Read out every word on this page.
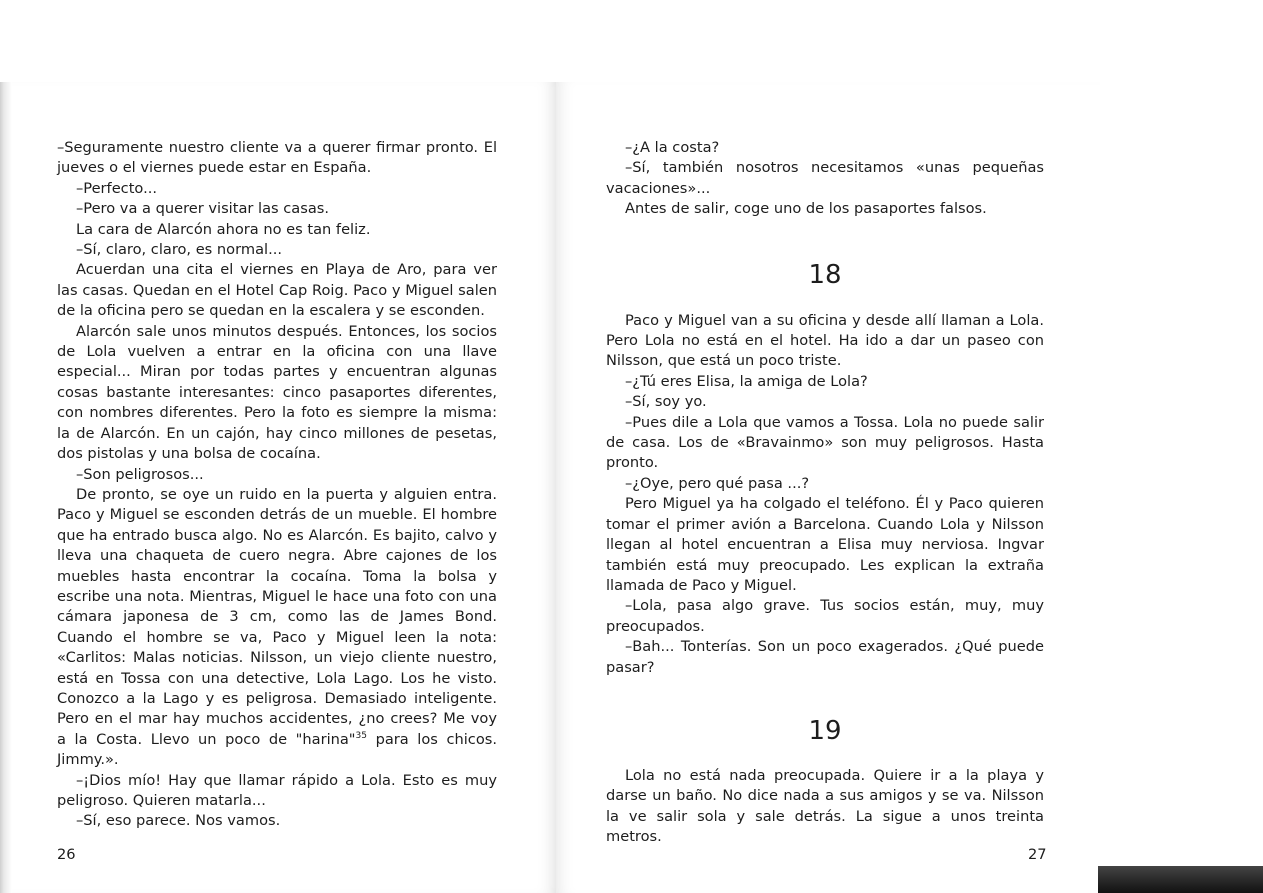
–Seguramente nuestro cliente va a querer firmar pronto. El jueves o el viernes puede estar en España.

–Perfecto...

–Pero va a querer visitar las casas.

La cara de Alarcón ahora no es tan feliz.

–Sí, claro, claro, es normal...

Acuerdan una cita el viernes en Playa de Aro, para ver las casas. Quedan en el Hotel Cap Roig. Paco y Miguel salen de la oficina pero se quedan en la escalera y se esconden.

Alarcón sale unos minutos después. Entonces, los socios de Lola vuelven a entrar en la oficina con una llave especial... Miran por todas partes y encuentran algunas cosas bastante interesantes: cinco pasaportes diferentes, con nombres diferentes. Pero la foto es siempre la misma: la de Alarcón. En un cajón, hay cinco millones de pesetas, dos pistolas y una bolsa de cocaína.

–Son peligrosos...

De pronto, se oye un ruido en la puerta y alguien entra. Paco y Miguel se esconden detrás de un mueble. El hombre que ha entrado busca algo. No es Alarcón. Es bajito, calvo y lleva una chaqueta de cuero negra. Abre cajones de los muebles hasta encontrar la cocaína. Toma la bolsa y escribe una nota. Mientras, Miguel le hace una foto con una cámara japonesa de 3 cm, como las de James Bond. Cuando el hombre se va, Paco y Miguel leen la nota: «Carlitos: Malas noticias. Nilsson, un viejo cliente nuestro, está en Tossa con una detective, Lola Lago. Los he visto. Conozco a la Lago y es peligrosa. Demasiado inteligente. Pero en el mar hay muchos accidentes, ¿no crees? Me voy a la Costa. Llevo un poco de "harina"$^{35}$ para los chicos. Jimmy.».

–¡Dios mío! Hay que llamar rápido a Lola. Esto es muy peligroso. Quieren matarla...

–Sí, eso parece. Nos vamos.

26

–¿A la costa?

–Sí, también nosotros necesitamos «unas pequeñas vacaciones»...

Antes de salir, coge uno de los pasaportes falsos.

18

Paco y Miguel van a su oficina y desde allí llaman a Lola. Pero Lola no está en el hotel. Ha ido a dar un paseo con Nilsson, que está un poco triste.

–¿Tú eres Elisa, la amiga de Lola?

–Sí, soy yo.

–Pues dile a Lola que vamos a Tossa. Lola no puede salir de casa. Los de «Bravainmo» son muy peligrosos. Hasta pronto.

–¿Oye, pero qué pasa ...?

Pero Miguel ya ha colgado el teléfono. Él y Paco quieren tomar el primer avión a Barcelona. Cuando Lola y Nilsson llegan al hotel encuentran a Elisa muy nerviosa. Ingvar también está muy preocupado. Les explican la extraña llamada de Paco y Miguel.

–Lola, pasa algo grave. Tus socios están, muy, muy preocupados.

–Bah... Tonterías. Son un poco exagerados. ¿Qué puede pasar?

19

Lola no está nada preocupada. Quiere ir a la playa y darse un baño. No dice nada a sus amigos y se va. Nilsson la ve salir sola y sale detrás. La sigue a unos treinta metros.

27
